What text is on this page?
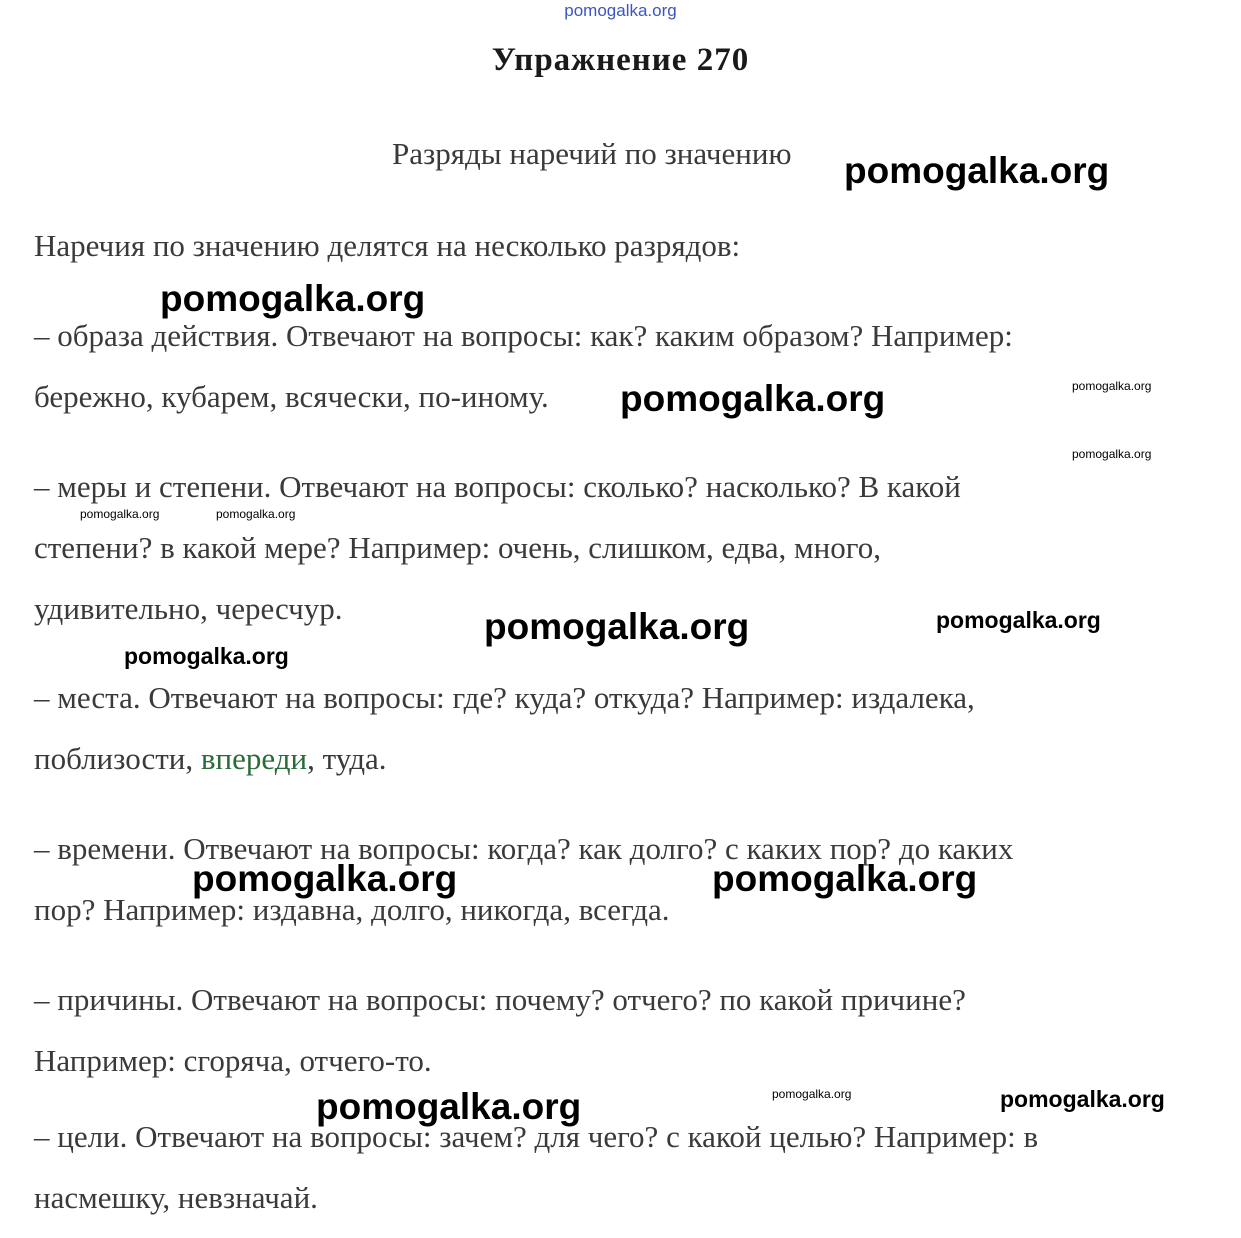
pomogalka.org
Упражнение 270
Разряды наречий по значению
Наречия по значению делятся на несколько разрядов:
– образа действия. Отвечают на вопросы: как? каким образом? Например:
бережно, кубарем, всячески, по-иному.
– меры и степени. Отвечают на вопросы: сколько? насколько? В какой
степени? в какой мере? Например: очень, слишком, едва, много,
удивительно, чересчур.
– места. Отвечают на вопросы: где? куда? откуда? Например: издалека,
поблизости, впереди, туда.
– времени. Отвечают на вопросы: когда? как долго? с каких пор? до каких
пор? Например: издавна, долго, никогда, всегда.
– причины. Отвечают на вопросы: почему? отчего? по какой причине?
Например: сгоряча, отчего-то.
– цели. Отвечают на вопросы: зачем? для чего? с какой целью? Например: в
насмешку, невзначай.
pomogalka.org
pomogalka.org
pomogalka.org	pomogalka.org
pomogalka.org
pomogalka.org	pomogalka.org
pomogalka.org	pomogalka.org
pomogalka.org
pomogalka.org	pomogalka.org
pomogalka.org	pomogalka.org
pomogalka.org
